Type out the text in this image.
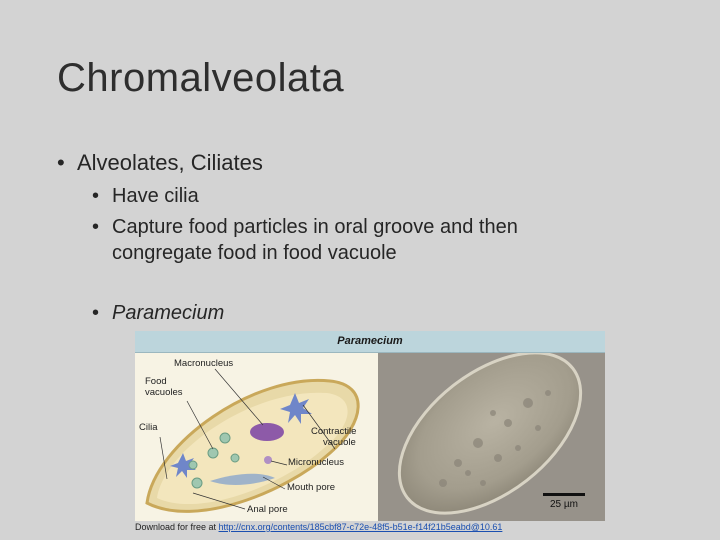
Chromalveolata
• Alveolates, Ciliates
• Have cilia
• Capture food particles in oral groove and then
congregate food in food vacuole
• Paramecium
Paramecium
Macronucleus
Food
vacuoles
Cilia	Contractile
vacuole
Micronucleus
Mouth pore
Anal pore	25 µm
Download for free at http://cnx.org/contents/185cbf87-c72e-48f5-b51e-f14f21b5eabd@10.61
